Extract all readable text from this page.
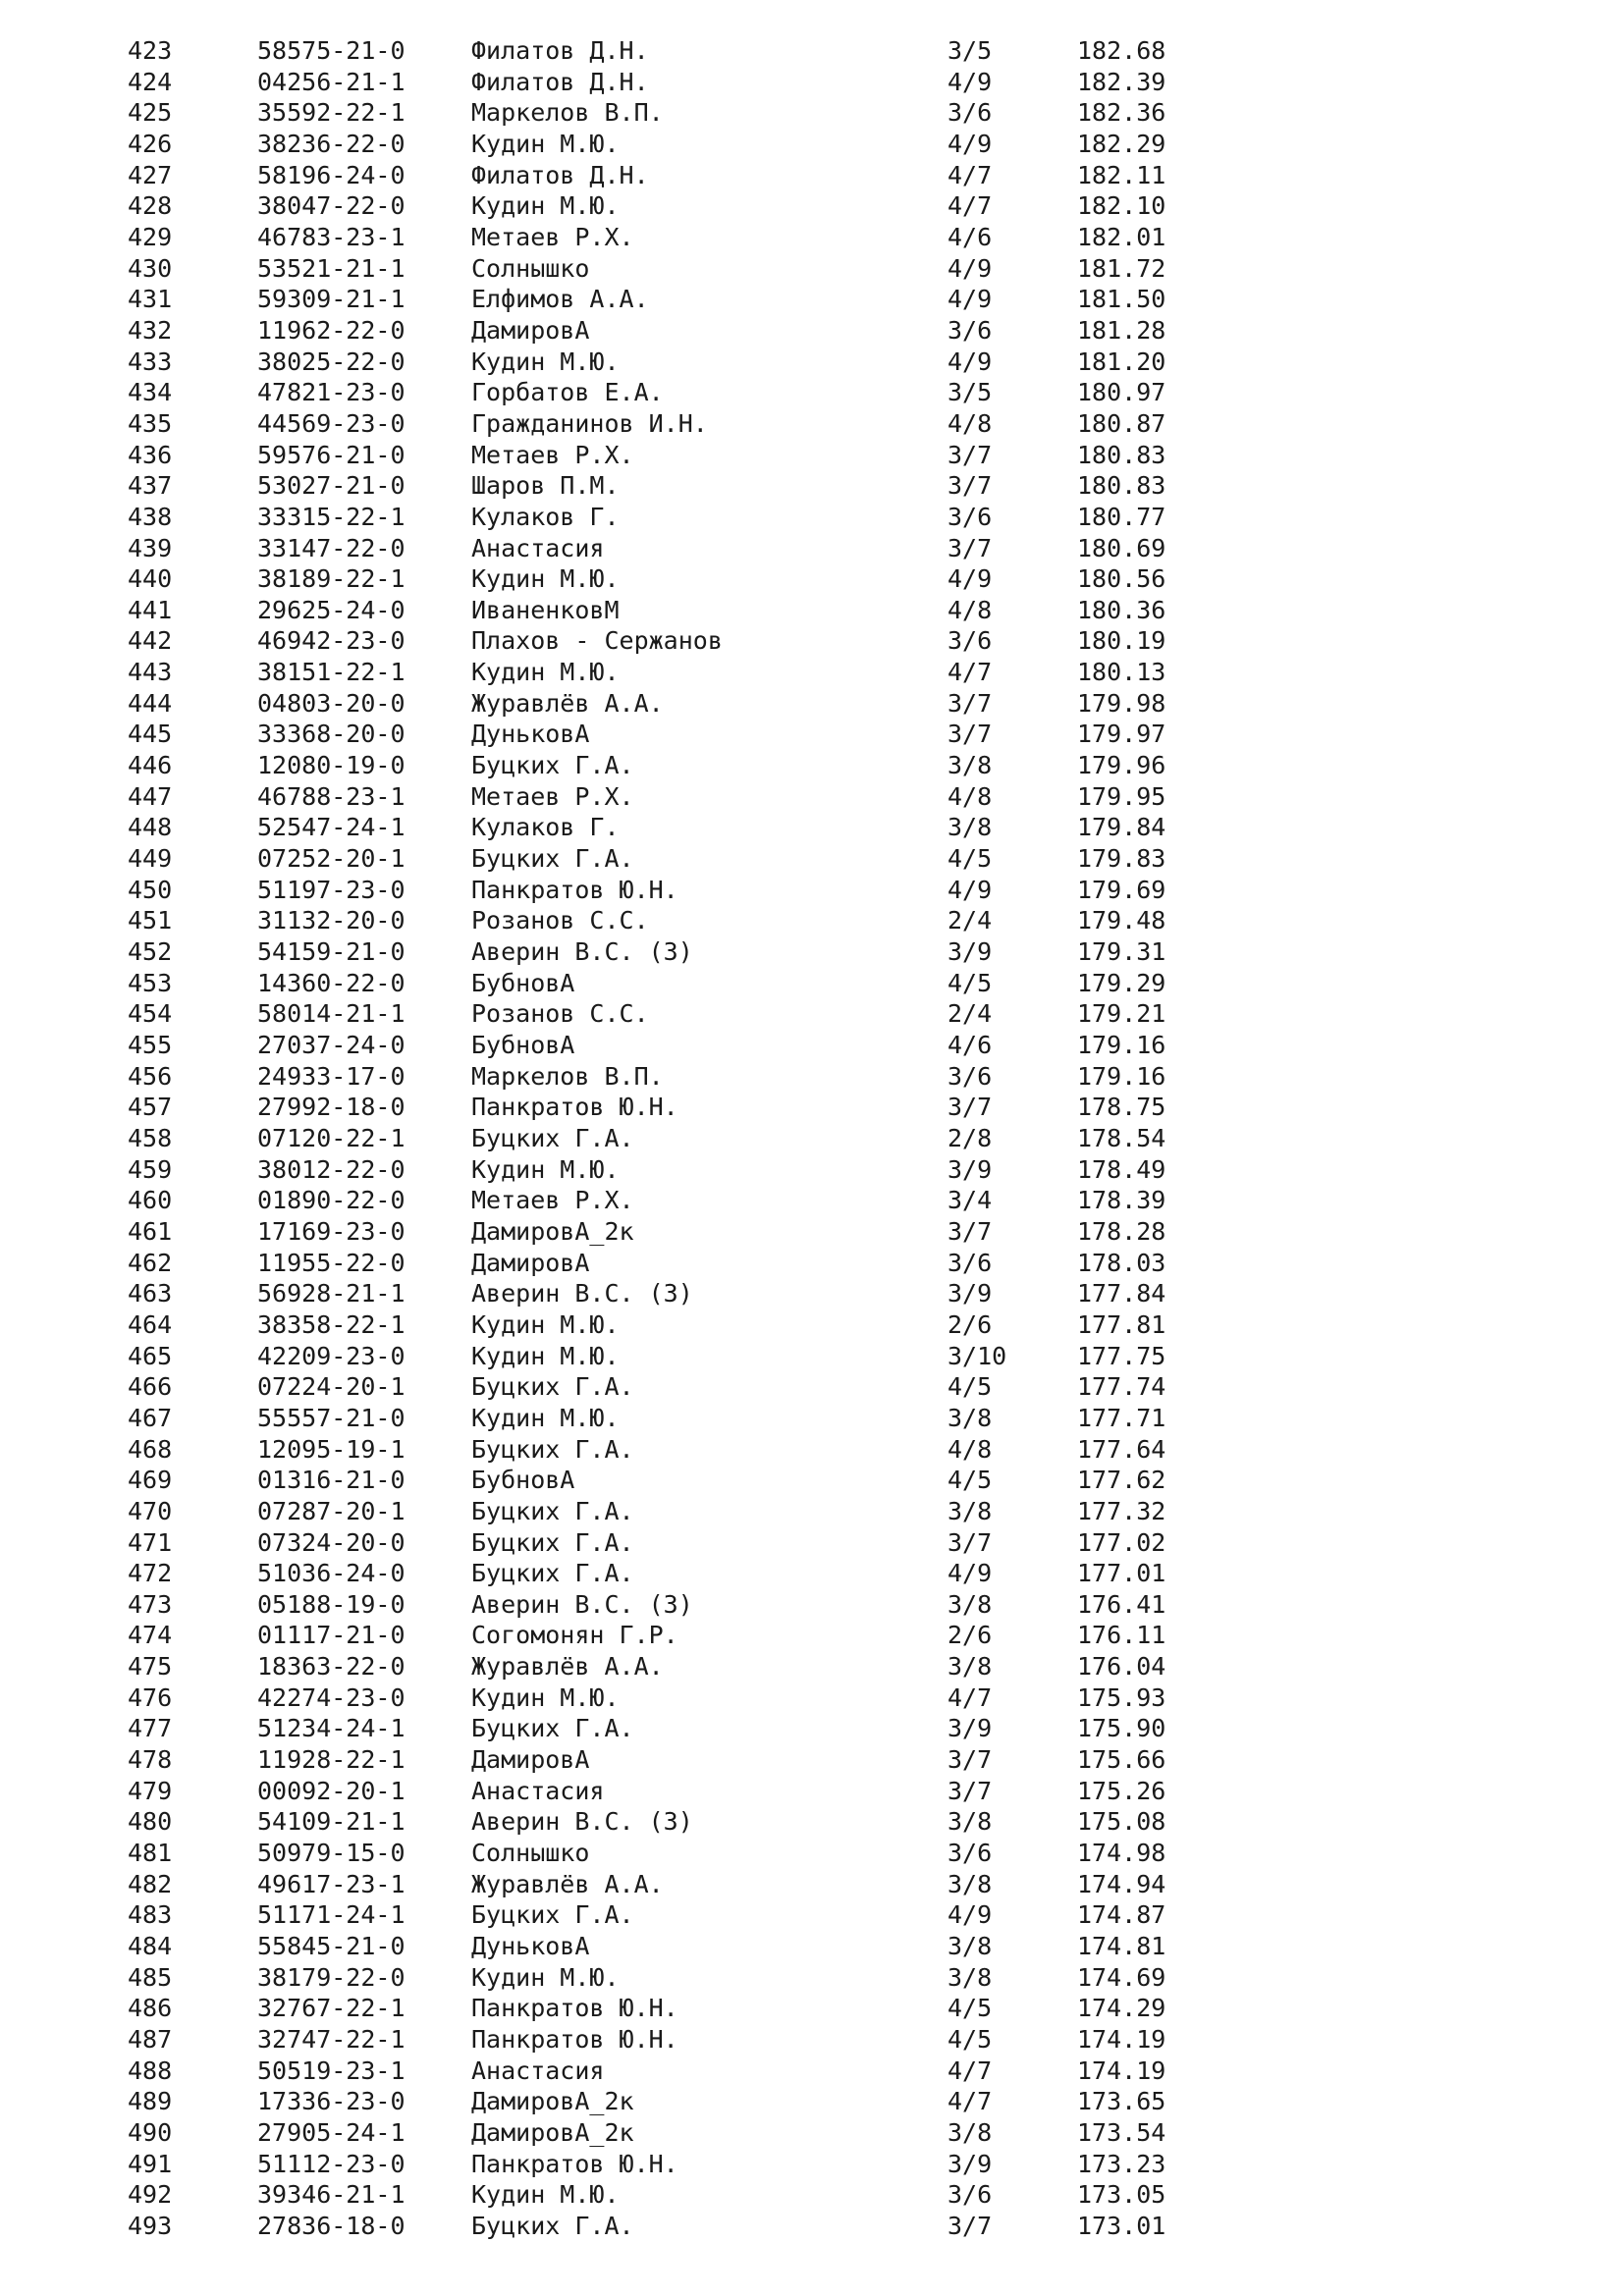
423	58575-21-0	Филатов Д.Н.	3/5	182.68
424	04256-21-1	Филатов Д.Н.	4/9	182.39
425	35592-22-1	Маркелов В.П.	3/6	182.36
426	38236-22-0	Кудин М.Ю.	4/9	182.29
427	58196-24-0	Филатов Д.Н.	4/7	182.11
428	38047-22-0	Кудин М.Ю.	4/7	182.10
429	46783-23-1	Метаев Р.Х.	4/6	182.01
430	53521-21-1	Солнышко	4/9	181.72
431	59309-21-1	Елфимов А.А.	4/9	181.50
432	11962-22-0	ДамировА	3/6	181.28
433	38025-22-0	Кудин М.Ю.	4/9	181.20
434	47821-23-0	Горбатов Е.А.	3/5	180.97
435	44569-23-0	Гражданинов И.Н.	4/8	180.87
436	59576-21-0	Метаев Р.Х.	3/7	180.83
437	53027-21-0	Шаров П.М.	3/7	180.83
438	33315-22-1	Кулаков Г.	3/6	180.77
439	33147-22-0	Анастасия	3/7	180.69
440	38189-22-1	Кудин М.Ю.	4/9	180.56
441	29625-24-0	ИваненковМ	4/8	180.36
442	46942-23-0	Плахов - Сержанов	3/6	180.19
443	38151-22-1	Кудин М.Ю.	4/7	180.13
444	04803-20-0	Журавлёв А.А.	3/7	179.98
445	33368-20-0	ДуньковА	3/7	179.97
446	12080-19-0	Буцких Г.А.	3/8	179.96
447	46788-23-1	Метаев Р.Х.	4/8	179.95
448	52547-24-1	Кулаков Г.	3/8	179.84
449	07252-20-1	Буцких Г.А.	4/5	179.83
450	51197-23-0	Панкратов Ю.Н.	4/9	179.69
451	31132-20-0	Розанов С.С.	2/4	179.48
452	54159-21-0	Аверин В.С. (З)	3/9	179.31
453	14360-22-0	БубновА	4/5	179.29
454	58014-21-1	Розанов С.С.	2/4	179.21
455	27037-24-0	БубновА	4/6	179.16
456	24933-17-0	Маркелов В.П.	3/6	179.16
457	27992-18-0	Панкратов Ю.Н.	3/7	178.75
458	07120-22-1	Буцких Г.А.	2/8	178.54
459	38012-22-0	Кудин М.Ю.	3/9	178.49
460	01890-22-0	Метаев Р.Х.	3/4	178.39
461	17169-23-0	ДамировА_2к	3/7	178.28
462	11955-22-0	ДамировА	3/6	178.03
463	56928-21-1	Аверин В.С. (З)	3/9	177.84
464	38358-22-1	Кудин М.Ю.	2/6	177.81
465	42209-23-0	Кудин М.Ю.	3/10	177.75
466	07224-20-1	Буцких Г.А.	4/5	177.74
467	55557-21-0	Кудин М.Ю.	3/8	177.71
468	12095-19-1	Буцких Г.А.	4/8	177.64
469	01316-21-0	БубновА	4/5	177.62
470	07287-20-1	Буцких Г.А.	3/8	177.32
471	07324-20-0	Буцких Г.А.	3/7	177.02
472	51036-24-0	Буцких Г.А.	4/9	177.01
473	05188-19-0	Аверин В.С. (З)	3/8	176.41
474	01117-21-0	Согомонян Г.Р.	2/6	176.11
475	18363-22-0	Журавлёв А.А.	3/8	176.04
476	42274-23-0	Кудин М.Ю.	4/7	175.93
477	51234-24-1	Буцких Г.А.	3/9	175.90
478	11928-22-1	ДамировА	3/7	175.66
479	00092-20-1	Анастасия	3/7	175.26
480	54109-21-1	Аверин В.С. (З)	3/8	175.08
481	50979-15-0	Солнышко	3/6	174.98
482	49617-23-1	Журавлёв А.А.	3/8	174.94
483	51171-24-1	Буцких Г.А.	4/9	174.87
484	55845-21-0	ДуньковА	3/8	174.81
485	38179-22-0	Кудин М.Ю.	3/8	174.69
486	32767-22-1	Панкратов Ю.Н.	4/5	174.29
487	32747-22-1	Панкратов Ю.Н.	4/5	174.19
488	50519-23-1	Анастасия	4/7	174.19
489	17336-23-0	ДамировА_2к	4/7	173.65
490	27905-24-1	ДамировА_2к	3/8	173.54
491	51112-23-0	Панкратов Ю.Н.	3/9	173.23
492	39346-21-1	Кудин М.Ю.	3/6	173.05
493	27836-18-0	Буцких Г.А.	3/7	173.01
